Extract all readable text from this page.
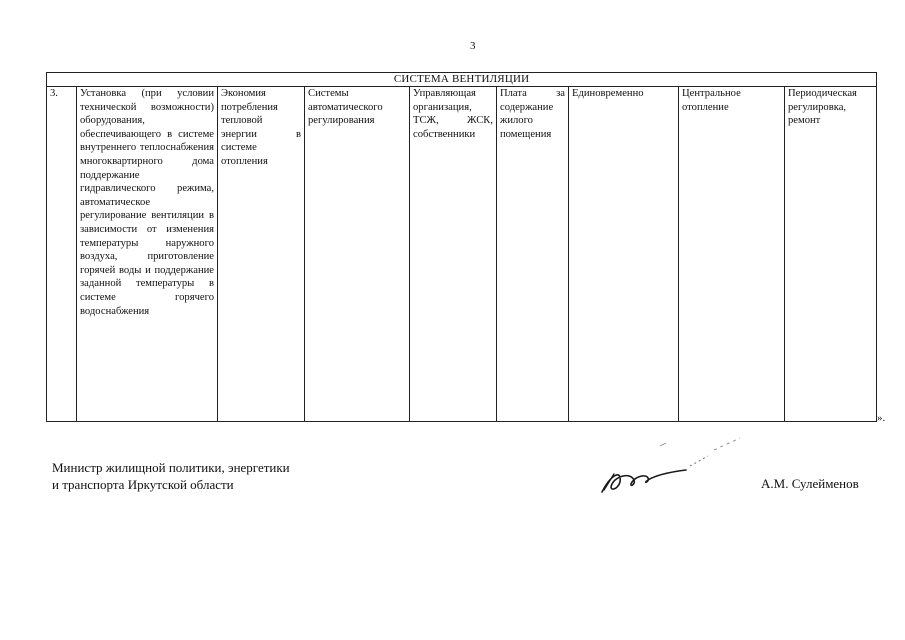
3
СИСТЕМА ВЕНТИЛЯЦИИ
3.	Установка (при условии технической возможности) оборудования, обеспечивающего в системе внутреннего теплоснабжения многоквартирного дома поддержание гидравлического режима, автоматическое регулирование вентиляции в зависимости от изменения температуры наружного воздуха, приготовление горячей воды и поддержание заданной температуры в системе горячего водоснабжения	Экономия потребления тепловой энергии в системе отопления	Системы автоматического регулирования	Управляющая организация, ТСЖ, ЖСК, собственники	Плата за содержание жилого помещения	Единовременно	Центральное отопление	Периодическая регулировка, ремонт
».
Министр жилищной политики, энергетики
и транспорта Иркутской области	А.М. Сулейменов
